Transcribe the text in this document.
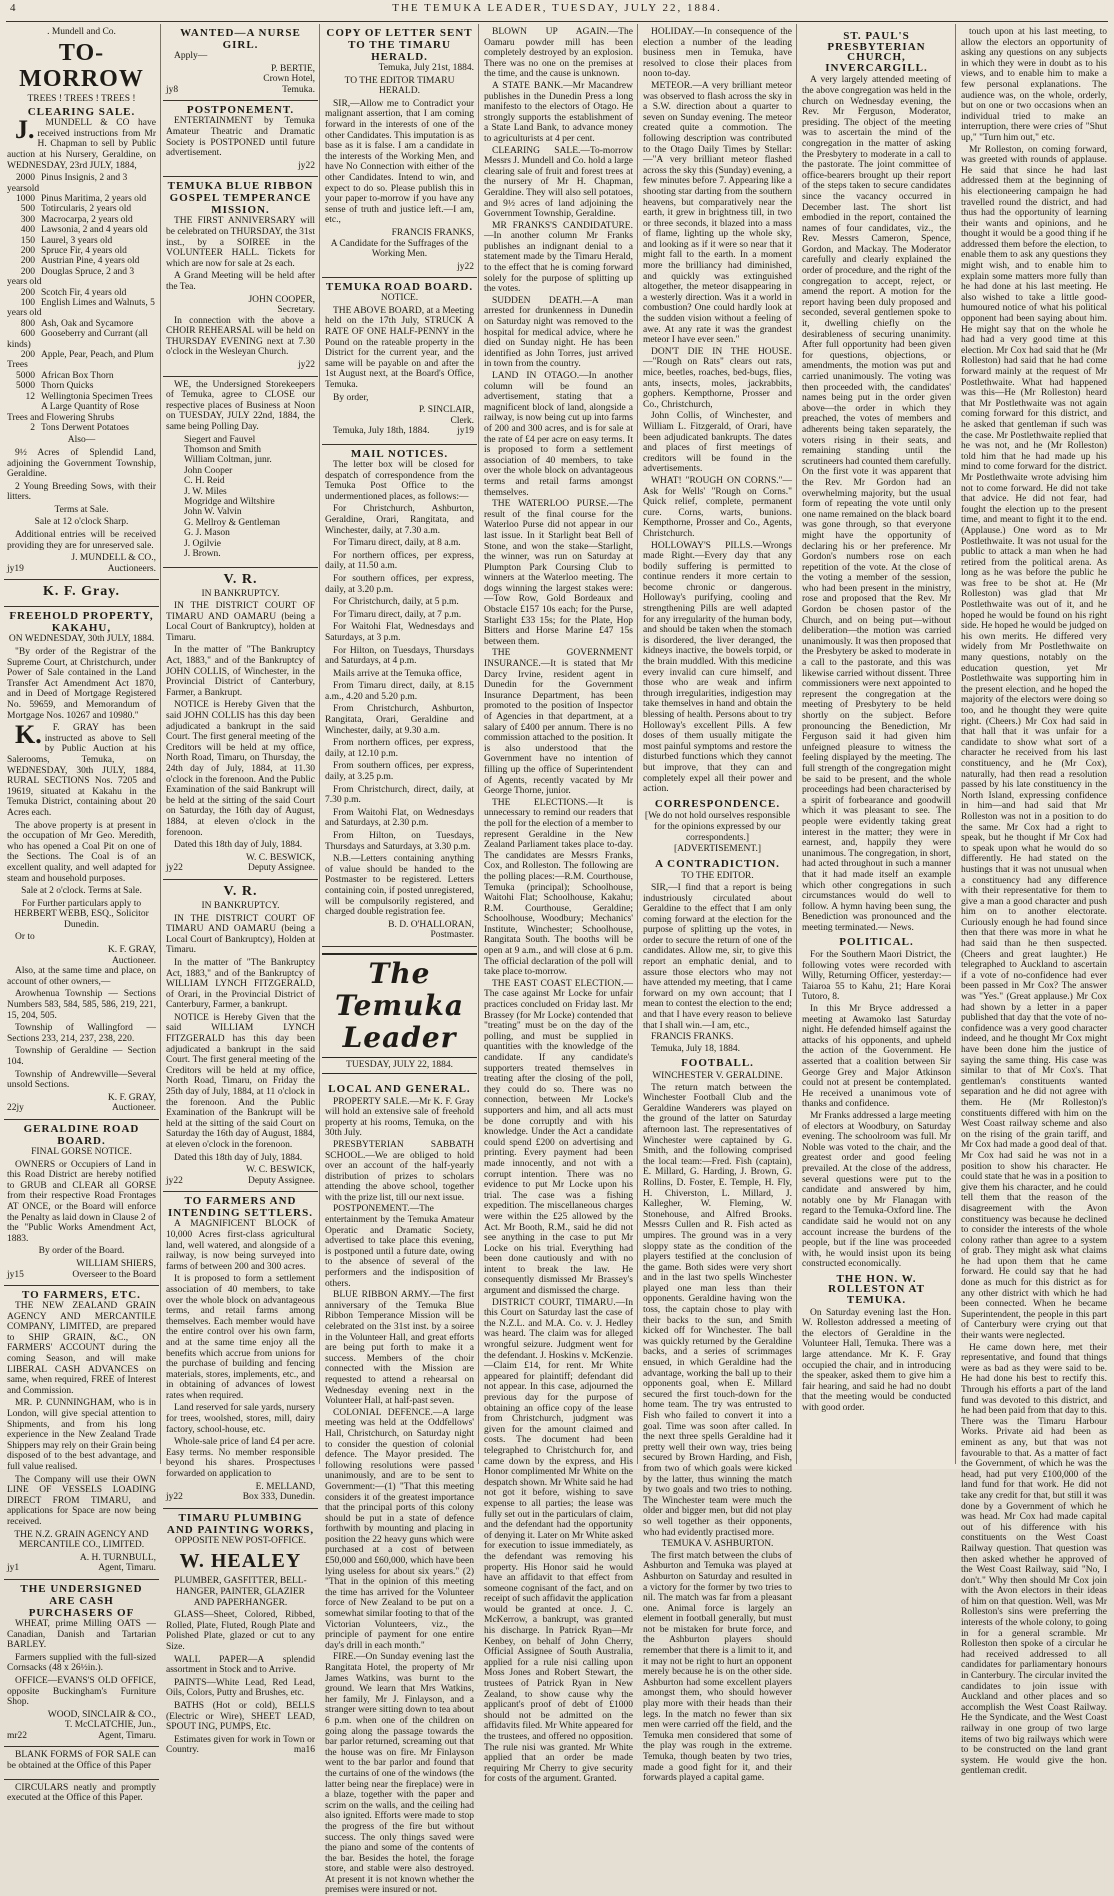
4	THE TEMUKA LEADER, TUESDAY, JULY 22, 1884.

. Mundell and Co.

TO-MORROW

TREES ! TREES ! TREES !

CLEARING SALE.

J. MUNDELL & CO have received instructions from Mr H. Chapman to sell by Public auction at his Nursery, Geraldine, on WEDNESDAY, 23rd JULY, 1884,

2000 Pinus Insignis, 2 and 3 yearsold
1000 Pinus Maritima, 2 years old
500 Totircularis, 2 years old
300 Macrocarpa, 2 years old
400 Lawsonia, 2 and 4 years old
150 Laurel, 3 years old
200 Spruce Fir, 4 years old
200 Austrian Pine, 4 years old
200 Douglas Spruce, 2 and 3 years old
200 Scotch Fir, 4 years old
100 English Limes and Walnuts, 5 years old
800 Ash, Oak and Sycamore
600 Gooseberry and Currant (all kinds)
200 Apple, Pear, Peach, and Plum Trees
5000 African Box Thorn
5000 Thorn Quicks
12 Wellingtonia Specimen Trees
A Large Quantity of Rose Trees and Flowering Shrubs
2 Tons Derwent Potatoes

Also—

9½ Acres of Splendid Land, adjoining the Government Township, Geraldine.

2 Young Breeding Sows, with their litters.

Terms at Sale.

Sale at 12 o'clock Sharp.

Additional entries will be received providing they are for unreserved sale.

J. MUNDELL & CO.,
jy19	Auctioneers.
K. F. Gray.
FREEHOLD PROPERTY, KAKAHU,

ON WEDNESDAY, 30th JULY, 1884.

"By order of the Registrar of the Supreme Court, at Christchurch, under Power of Sale contained in the Land Transfer Act Amendment Act 1870, and in Deed of Mortgage Registered No. 59659, and Memorandum of Mortgage Nos. 10267 and 10980."

K. F. GRAY has been instructed as above to Sell by Public Auction at his Salerooms, Temuka, on WEDNESDAY, 30th JULY, 1884, RURAL SECTIONS Nos. 7205 and 19619, situated at Kakahu in the Temuka District, containing about 20 Acres each.

The above property is at present in the occupation of Mr Geo. Meredith, who has opened a Coal Pit on one of the Sections. The Coal is of an excellent quality, and well adapted for steam and household purposes.

Sale at 2 o'clock. Terms at Sale.

For Further particulars apply to HERBERT WEBB, ESQ., Solicitor Dunedin.

Or to

K. F. GRAY,
Auctioneer.

Also, at the same time and place, on account of other owners,—

Arowhenua Township — Sections Numbers 583, 584, 585, 586, 219, 221, 15, 204, 505.

Township of Wallingford — Sections 233, 214, 237, 238, 220.

Township of Geraldine — Section 104.

Township of Andrewville—Several unsold Sections.

K. F. GRAY,
22jy	Auctioneer.
GERALDINE ROAD BOARD.

FINAL GORSE NOTICE.

OWNERS or Occupiers of Land in this Road District are hereby notified to GRUB and CLEAR all GORSE from their respective Road Frontages AT ONCE, or the Board will enforce the Penalty as laid down in Clause 2 of the "Public Works Amendment Act, 1883.

By order of the Board.

WILLIAM SHIERS,
jy15	Overseer to the Board
TO FARMERS, ETC.

THE NEW ZEALAND GRAIN AGENCY AND MERCANTILE COMPANY, LIMITED, are prepared to SHIP GRAIN, &C., ON FARMERS' ACCOUNT during the coming Season, and will make LIBERAL CASH ADVANCES on same, when required, FREE of Interest and Commission.

MR. P. CUNNINGHAM, who is in London, will give special attention to Shipments, and from his long experience in the New Zealand Trade Shippers may rely on their Grain being disposed of to the best advantage, and full value realised.

The Company will use their OWN LINE OF VESSELS LOADING DIRECT FROM TIMARU, and applications for Space are now being received.

THE N.Z. GRAIN AGENCY AND MERCANTILE CO., LIMITED.

A. H. TURNBULL,
jy1	Agent, Timaru.
THE UNDERSIGNED ARE CASH PURCHASERS OF

WHEAT, prime Milling OATS — Canadian, Danish and Tartarian BARLEY.

Farmers supplied with the full-sized Cornsacks (48 x 26½in.).

OFFICE—EVANS'S OLD OFFICE, opposite Buckingham's Furniture Shop.

WOOD, SINCLAIR & CO.,
T. McCLATCHIE, Jun.,
mr22	Agent, Timaru.

BLANK FORMS of FOR SALE can be obtained at the Office of this Paper

CIRCULARS neatly and promptly executed at the Office of this Paper.

WANTED—A NURSE GIRL.

Apply—

P. BERTIE,
Crown Hotel,
jy8	Temuka.
POSTPONEMENT.

ENTERTAINMENT by Temuka Amateur Theatric and Dramatic Society is POSTPONED until future advertisement.

jy22
TEMUKA BLUE RIBBON GOSPEL TEMPERANCE MISSION.

THE FIRST ANNIVERSARY will be celebrated on THURSDAY, the 31st inst., by a SOIREE in the VOLUNTEER HALL. Tickets for which are now for sale at 2s each.

A Grand Meeting will be held after the Tea.

JOHN COOPER,
Secretary.

In connection with the above a CHOIR REHEARSAL will be held on THURSDAY EVENING next at 7.30 o'clock in the Wesleyan Church.

jy22

WE, the Undersigned Storekeepers of Temuka, agree to CLOSE our respective places of Business at Noon on TUESDAY, JULY 22nd, 1884, the same being Polling Day.

Siegert and Fauvel
Thomson and Smith
William Coltman, junr.
John Cooper
C. H. Reid
J. W. Miles
Mogridge and Wiltshire
John W. Valvin
G. Mellroy & Gentleman
G. J. Mason
J. Ogilvie
J. Brown.
V. R.

IN BANKRUPTCY.

IN THE DISTRICT COURT OF TIMARU AND OAMARU (being a Local Court of Bankruptcy), holden at Timaru.

In the matter of "The Bankruptcy Act, 1883," and of the Bankruptcy of JOHN COLLIS, of Winchester, in the Provincial District of Canterbury, Farmer, a Bankrupt.

NOTICE is Hereby Given that the said JOHN COLLIS has this day been adjudicated a bankrupt in the said Court. The first general meeting of the Creditors will be held at my office, North Road, Timaru, on Thursday, the 24th day of July, 1884, at 11.30 o'clock in the forenoon. And the Public Examination of the said Bankrupt will be held at the sitting of the said Court on Saturday, the 16th day of August, 1884, at eleven o'clock in the forenoon.

Dated this 18th day of July, 1884.

W. C. BESWICK,
jy22	Deputy Assignee.
V. R.

IN BANKRUPTCY.

IN THE DISTRICT COURT OF TIMARU AND OAMARU (being a Local Court of Bankruptcy), Holden at Timaru.

In the matter of "The Bankruptcy Act, 1883," and of the Bankruptcy of WILLIAM LYNCH FITZGERALD, of Orari, in the Provincial District of Canterbury, Farmer, a bankrupt.

NOTICE is Hereby Given that the said WILLIAM LYNCH FITZGERALD has this day been adjudicated a bankrupt in the said Court. The first general meeting of the Creditors will be held at my office, North Road, Timaru, on Friday the 25th day of July, 1884, at 11 o'clock in the forenoon. And the Public Examination of the Bankrupt will be held at the sitting of the said Court on Saturday the 16th day of August, 1884, at eleven o'clock in the forenoon.

Dated this 18th day of July, 1884.

W. C. BESWICK,
jy22	Deputy Assignee.
TO FARMERS AND INTENDING SETTLERS.

A MAGNIFICENT BLOCK of 10,000 Acres first-class agricultural land, well watered, and alongside of a railway, is now being surveyed into farms of between 200 and 300 acres.

It is proposed to form a settlement association of 40 members, to take over the whole block on advantageous terms, and retail farms among themselves. Each member would have the entire control over his own farm, and at the same time enjoy all the benefits which accrue from unions for the purchase of building and fencing materials, stores, implements, etc., and in obtaining of advances of lowest rates when required.

Land reserved for sale yards, nursery for trees, woolshed, stores, mill, dairy factory, school-house, etc.

Whole-sale price of land £4 per acre. Easy terms. No member responsible beyond his shares. Prospectuses forwarded on application to

E. MELLAND,
jy22	Box 333, Dunedin.
TIMARU PLUMBING AND PAINTING WORKS,

OPPOSITE NEW POST-OFFICE.

W. HEALEY

PLUMBER, GASFITTER, BELL-HANGER, PAINTER, GLAZIER AND PAPERHANGER.

GLASS—Sheet, Colored, Ribbed, Rolled, Plate, Fluted, Rough Plate and Polished Plate, glazed or cut to any Size.

WALL PAPER—A splendid assortment in Stock and to Arrive.

PAINTS—White Lead, Red Lead, Oils, Colors, Putty and Brushes, etc.

BATHS (Hot or cold), BELLS (Electric or Wire), SHEET LEAD, SPOUT ING, PUMPS, Etc.

Estimates given for work in Town or Country.	ma16

COPY OF LETTER SENT TO THE TIMARU HERALD.

Temuka, July 21st, 1884.

TO THE EDITOR TIMARU HERALD.

SIR,—Allow me to Contradict your malignant assertion, that I am coming forward in the interests of one of the other Candidates. This imputation is as base as it is false. I am a candidate in the interests of the Working Men, and have No Connection with either of the other Candidates. Intend to win, and expect to do so. Please publish this in your paper to-morrow if you have any sense of truth and justice left.—I am, etc.,

FRANCIS FRANKS,

A Candidate for the Suffrages of the Working Men.

jy22
TEMUKA ROAD BOARD.

NOTICE.

THE ABOVE BOARD, at a Meeting held on the 17th July, STRUCK A RATE OF ONE HALF-PENNY in the Pound on the rateable property in the District for the current year, and the same will be payable on and after the 1st August next, at the Board's Office, Temuka.

By order,

P. SINCLAIR,
Clerk.

Temuka, July 18th, 1884.	jy19

MAIL NOTICES.

The letter box will be closed for despatch of correspondence from the Temuka Post Office to the undermentioned places, as follows:—

For Christchurch, Ashburton, Geraldine, Orari, Rangitata, and Winchester, daily, at 7.30 a.m.

For Timaru direct, daily, at 8 a.m.

For northern offices, per express, daily, at 11.50 a.m.

For southern offices, per express, daily, at 3.20 p.m.

For Christchurch, daily, at 5 p.m.

For Timaru direct, daily, at 7 p.m.

For Waitohi Flat, Wednesdays and Saturdays, at 3 p.m.

For Hilton, on Tuesdays, Thursdays and Saturdays, at 4 p.m.

Mails arrive at the Temuka office,

From Timaru direct, daily, at 8.15 a.m., 4.20 and 5.20 p.m.

From Christchurch, Ashburton, Rangitata, Orari, Geraldine and Winchester, daily, at 9.30 a.m.

From northern offices, per express, daily, at 12.10 p.m.

From southern offices, per express, daily, at 3.25 p.m.

From Christchurch, direct, daily, at 7.30 p.m.

From Waitohi Flat, on Wednesdays and Saturdays, at 2.30 p.m.

From Hilton, on Tuesdays, Thursdays and Saturdays, at 3.30 p.m.

N.B.—Letters containing anything of value should be handed to the Postmaster to be registered. Letters containing coin, if posted unregistered, will be compulsorily registered, and charged double registration fee.

B. D. O'HALLORAN,
Postmaster.
The Temuka Leader
TUESDAY, JULY 22, 1884.

LOCAL AND GENERAL.

PROPERTY SALE.—Mr K. F. Gray will hold an extensive sale of freehold property at his rooms, Temuka, on the 30th July.

PRESBYTERIAN SABBATH SCHOOL.—We are obliged to hold over an account of the half-yearly distribution of prizes to scholars attending the above school, together with the prize list, till our next issue.

POSTPONEMENT.—The entertainment by the Temuka Amateur Operatic and Dramatic Society, advertised to take place this evening, is postponed until a future date, owing to the absence of several of the performers and the indisposition of others.

BLUE RIBBON ARMY.—The first anniversary of the Temuka Blue Ribbon Temperance Mission will be celebrated on the 31st inst. by a soiree in the Volunteer Hall, and great efforts are being put forth to make it a success. Members of the choir connected with the Mission are requested to attend a rehearsal on Wednesday evening next in the Volunteer Hall, at half-past seven.

COLONIAL DEFENCE.—A large meeting was held at the Oddfellows' Hall, Christchurch, on Saturday night to consider the question of colonial defence. The Mayor presided. The following resolutions were passed unanimously, and are to be sent to Government:—(1) "That this meeting considers it of the greatest importance that the principal ports of this colony should be put in a state of defence forthwith by mounting and placing in position the 22 heavy guns which were purchased at a cost of between £50,000 and £60,000, which have been lying useless for about six years." (2) "That in the opinion of this meeting the time has arrived for the Volunteer force of New Zealand to be put on a somewhat similar footing to that of the Victorian Volunteers, viz., the principle of payment for one entire day's drill in each month."

FIRE.—On Sunday evening last the Rangitata Hotel, the property of Mr James Watkins, was burnt to the ground. We learn that Mrs Watkins, her family, Mr J. Finlayson, and a stranger were sitting down to tea about 6 p.m. when one of the children on going along the passage towards the bar parlor returned, screaming out that the house was on fire. Mr Finlayson went to the bar parlor and found that the curtains of one of the windows (the latter being near the fireplace) were in a blaze, together with the paper and scrim on the walls, and the ceiling had also ignited. Efforts were made to stop the progress of the fire but without success. The only things saved were the piano and some of the contents of the bar. Besides the hotel, the forage store, and stable were also destroyed. At present it is not known whether the premises were insured or not.

BLOWN UP AGAIN.—The Oamaru powder mill has been completely destroyed by an explosion. There was no one on the premises at the time, and the cause is unknown.

A STATE BANK.—Mr Macandrew publishes in the Dunedin Press a long manifesto to the electors of Otago. He strongly supports the establishment of a State Land Bank, to advance money to agriculturists at 4 per cent.

CLEARING SALE.—To-morrow Messrs J. Mundell and Co. hold a large clearing sale of fruit and forest trees at the nursery of Mr H. Chapman, Geraldine. They will also sell potatoes, and 9½ acres of land adjoining the Government Township, Geraldine.

MR FRANKS'S CANDIDATURE.—In another column Mr Franks publishes an indignant denial to a statement made by the Timaru Herald, to the effect that he is coming forward solely for the purpose of splitting up the votes.

SUDDEN DEATH.—A man arrested for drunkenness in Dunedin on Saturday night was removed to the hospital for medical advice, where he died on Sunday night. He has been identified as John Torres, just arrived in town from the country.

LAND IN OTAGO.—In another column will be found an advertisement, stating that a magnificent block of land, alongside a railway, is now being cut up into farms of 200 and 300 acres, and is for sale at the rate of £4 per acre on easy terms. It is proposed to form a settlement association of 40 members, to take over the whole block on advantageous terms and retail farms amongst themselves.

THE WATERLOO PURSE.—The result of the final course for the Waterloo Purse did not appear in our last issue. In it Starlight beat Bell of Stone, and won the stake—Starlight, the winner, was run on Saturday at Plumpton Park Coursing Club to winners at the Waterloo meeting. The dogs winning the largest stakes were:—Tow Row, Gold Bordeaux and Obstacle £157 10s each; for the Purse, Starlight £33 15s; for the Plate, Hop Bitters and Horse Marine £47 15s between them.

THE GOVERNMENT INSURANCE.—It is stated that Mr Darcy Irvine, resident agent in Dunedin for the Government Insurance Department, has been promoted to the position of Inspector of Agencies in that department, at a salary of £400 per annum. There is no commission attached to the position. It is also understood that the Government have no intention of filling up the office of Superintendent of Agents, recently vacated by Mr George Thorne, junior.

THE ELECTIONS.—It is unnecessary to remind our readers that the poll for the election of a member to represent Geraldine in the New Zealand Parliament takes place to-day. The candidates are Messrs Franks, Cox, and Rolleston. The following are the polling places:—R.M. Courthouse, Temuka (principal); Schoolhouse, Waitohi Flat; Schoolhouse, Kakahu; R.M. Courthouse, Geraldine; Schoolhouse, Woodbury; Mechanics' Institute, Winchester; Schoolhouse, Rangitata South. The booths will be open at 9 a.m., and will close at 6 p.m. The official declaration of the poll will take place to-morrow.

THE EAST COAST ELECTION.—The case against Mr Locke for unfair practices concluded on Friday last. Mr Brassey (for Mr Locke) contended that "treating" must be on the day of the polling, and must be supplied in quantities with the knowledge of the candidate. If any candidate's supporters treated themselves in treating after the closing of the poll, they could do so. There was no connection, between Mr Locke's supporters and him, and all acts must be done corruptly and with his knowledge. Under the Act a candidate could spend £200 on advertising and printing. Every payment had been made innocently, and not with a corrupt intention. There was no evidence to put Mr Locke upon his trial. The case was a fishing expedition. The miscellaneous charges were within the £25 allowed by the Act. Mr Booth, R.M., said he did not see anything in the case to put Mr Locke on his trial. Everything had been done cautiously and with no intent to break the law. He consequently dismissed Mr Brassey's argument and dismissed the charge.

DISTRICT COURT, TIMARU.—In this Court on Saturday last the case of the N.Z.L. and M.A. Co. v. J. Hedley was heard. The claim was for alleged wrongful seizure. Judgment went for the defendant. J. Hoskins v. McKenzie.—Claim £14, for rent. Mr White appeared for plaintiff; defendant did not appear. In this case, adjourned the previous day for the purpose of obtaining an office copy of the lease from Christchurch, judgment was given for the amount claimed and costs. The document had been telegraphed to Christchurch for, and came down by the express, and His Honor complimented Mr White on the despatch shown. Mr White said he had not got it before, wishing to save expense to all parties; the lease was fully set out in the particulars of claim, and the defendant had the opportunity of denying it. Later on Mr White asked for execution to issue immediately, as the defendant was removing his property. His Honor said he would have an affidavit to that effect from someone cognisant of the fact, and on receipt of such affidavit the application would be granted at once. J. C. McKerrow, a bankrupt, was granted his discharge. In Patrick Ryan—Mr Kenbey, on behalf of John Cherry, Official Assignee of South Australia, applied for a rule nisi calling upon Moss Jones and Robert Stewart, the trustees of Patrick Ryan in New Zealand, to show cause why the applicant's proof of debt of £1000 should not be admitted on the affidavits filed. Mr White appeared for the trustees, and offered no opposition. The rule nisi was granted. Mr White applied that an order be made requiring Mr Cherry to give security for costs of the argument. Granted.

HOLIDAY.—In consequence of the election a number of the leading business men in Temuka, have resolved to close their places from noon to-day.

METEOR.—A very brilliant meteor was observed to flash across the sky in a S.W. direction about a quarter to seven on Sunday evening. The meteor created quite a commotion. The following description was contributed to the Otago Daily Times by Stellar:—"A very brilliant meteor flashed across the sky this (Sunday) evening, a few minutes before 7. Appearing like a shooting star darting from the southern heavens, but comparatively near the earth, it grew in brightness till, in two or three seconds, it blazed into a mass of flame, lighting up the whole sky, and looking as if it were so near that it might fall to the earth. In a moment more the brilliancy had diminished, and quickly was extinguished altogether, the meteor disappearing in a westerly direction. Was it a world in combustion? One could hardly look at the sudden vision without a feeling of awe. At any rate it was the grandest meteor I have ever seen."

DON'T DIE IN THE HOUSE.—"Rough on Rats" clears out rats, mice, beetles, roaches, bed-bugs, flies, ants, insects, moles, jackrabbits, gophers. Kempthorne, Prosser and Co., Christchurch,

John Collis, of Winchester, and William L. Fitzgerald, of Orari, have been adjudicated bankrupts. The dates and places of first meetings of creditors will be found in the advertisements.

WHAT! "ROUGH ON CORNS."—Ask for Wells' "Rough on Corns." Quick relief, complete, permanent cure. Corns, warts, bunions. Kempthorne, Prosser and Co., Agents, Christchurch.

HOLLOWAY'S PILLS.—Wrongs made Right.—Every day that any bodily suffering is permitted to continue renders it more certain to become chronic or dangerous. Holloway's purifying, cooling and strengthening Pills are well adapted for any irregularity of the human body, and should be taken when the stomach is disordered, the liver deranged, the kidneys inactive, the bowels torpid, or the brain muddled. With this medicine every invalid can cure himself, and those who are weak and infirm through irregularities, indigestion may take themselves in hand and obtain the blessing of health. Persons about to try Holloway's excellent Pills. A few doses of them usually mitigate the most painful symptoms and restore the disturbed functions which they cannot but improve, that they can and completely expel all their power and action.

CORRESPONDENCE.

[We do not hold ourselves responsible for the opinions expressed by our correspondents.]

[ADVERTISEMENT.]

A CONTRADICTION.

TO THE EDITOR.

SIR,—I find that a report is being industriously circulated about Geraldine to the effect that I am only coming forward at the election for the purpose of splitting up the votes, in order to secure the return of one of the candidates. Allow me, sir, to give this report an emphatic denial, and to assure those electors who may not have attended my meeting, that I came forward on my own account; that I mean to contest the election to the end; and that I have every reason to believe that I shall win.—I am, etc.,

FRANCIS FRANKS.

Temuka, July 18, 1884.

FOOTBALL.

WINCHESTER V. GERALDINE.

The return match between the Winchester Football Club and the Geraldine Wanderers was played on the ground of the latter on Saturday afternoon last. The representatives of Winchester were captained by G. Smith, and the following comprised the local team:—Fred. Fish (captain), E. Millard, G. Harding, J. Brown, G. Rollins, D. Foster, E. Temple, H. Fly, H. Chiverston, L. Millard, J. Kallegher, W. Fleming, W. Stonehouse, and Alfred Brooks. Messrs Cullen and R. Fish acted as umpires. The ground was in a very sloppy state as the condition of the players testified at the conclusion of the game. Both sides were very short and in the last two spells Winchester played one man less than their opponents. Geraldine having won the toss, the captain chose to play with their backs to the sun, and Smith kicked off for Winchester. The ball was quickly returned by the Geraldine backs, and a series of scrimmages ensued, in which Geraldine had the advantage, working the ball up to their opponents goal, when E. Millard secured the first touch-down for the home team. The try was entrusted to Fish who failed to convert it into a goal. Time was soon after called. In the next three spells Geraldine had it pretty well their own way, tries being secured by Brown Harding, and Fish, from two of which goals were kicked by the latter, thus winning the match by two goals and two tries to nothing. The Winchester team were much the older and bigger men, but did not play so well together as their opponents, who had evidently practised more.

TEMUKA V. ASHBURTON.

The first match between the clubs of Ashburton and Temuka was played at Ashburton on Saturday and resulted in a victory for the former by two tries to nil. The match was far from a pleasant one. Animal force is largely an element in football generally, but must not be mistaken for brute force, and the Ashburton players should remember that there is a limit to it, and it may not be right to hurt an opponent merely because he is on the other side. Ashburton had some excellent players amongst them, who should however play more with their heads than their legs. In the match no fewer than six men were carried off the field, and the Temuka men considered that some of the play was rough in the extreme. Temuka, though beaten by two tries, made a good fight for it, and their forwards played a capital game.

ST. PAUL'S PRESBYTERIAN CHURCH, INVERCARGILL.

A very largely attended meeting of the above congregation was held in the church on Wednesday evening, the Rev. Mr Ferguson, Moderator, presiding. The object of the meeting was to ascertain the mind of the congregation in the matter of asking the Presbytery to moderate in a call to the pastorate. The joint committee of office-bearers brought up their report of the steps taken to secure candidates since the vacancy occurred in December last. The short list embodied in the report, contained the names of four candidates, viz., the Rev. Messrs Cameron, Spence, Gordon, and Mackay. The Moderator carefully and clearly explained the order of procedure, and the right of the congregation to accept, reject, or amend the report. A motion for the report having been duly proposed and seconded, several gentlemen spoke to it, dwelling chiefly on the desirableness of securing unanimity. After full opportunity had been given for questions, objections, or amendments, the motion was put and carried unanimously. The voting was then proceeded with, the candidates' names being put in the order given above—the order in which they preached, the votes of members and adherents being taken separately, the voters rising in their seats, and remaining standing until the scrutineers had counted them carefully. On the first vote it was apparent that the Rev. Mr Gordon had an overwhelming majority, but the usual form of repeating the vote until only one name remained on the black board was gone through, so that everyone might have the opportunity of declaring his or her preference. Mr Gordon's numbers rose on each repetition of the vote. At the close of the voting a member of the session, who had been present in the ministry, rose and proposed that the Rev. Mr Gordon be chosen pastor of the Church, and on being put—without deliberation—the motion was carried unanimously. It was then proposed that the Presbytery be asked to moderate in a call to the pastorate, and this was likewise carried without dissent. Three commissioners were next appointed to represent the congregation at the meeting of Presbytery to be held shortly on the subject. Before pronouncing the Benediction, Mr Ferguson said it had given him unfeigned pleasure to witness the feeling displayed by the meeting. The full strength of the congregation might be said to be present, and the whole proceedings had been characterised by a spirit of forbearance and goodwill which it was pleasant to see. The people were evidently taking great interest in the matter; they were in earnest, and, happily they were unanimous. The congregation, in short, had acted throughout in such a manner that it had made itself an example which other congregations in such circumstances would do well to follow. A hymn having been sung, the Benediction was pronounced and the meeting terminated.— News.

POLITICAL.

For the Southern Maori District, the following votes were recorded with Willy, Returning Officer, yesterday:—Taiaroa 55 to Kahu, 21; Hare Korai Tutoro, 8.

In this Mr Bryce addressed a meeting at Awamoko last Saturday night. He defended himself against the attacks of his opponents, and upheld the action of the Government. He asserted that a coalition between Sir George Grey and Major Atkinson could not at present be contemplated. He received a unanimous vote of thanks and confidence.

Mr Franks addressed a large meeting of electors at Woodbury, on Saturday evening. The schoolroom was full. Mr Noble was voted to the chair, and the greatest order and good feeling prevailed. At the close of the address, several questions were put to the candidate and answered by him, notably one by Mr Flanagan with regard to the Temuka-Oxford line. The candidate said he would not on any account increase the burdens of the people, but if the line was proceeded with, he would insist upon its being constructed economically.

THE HON. W. ROLLESTON AT TEMUKA.

On Saturday evening last the Hon. W. Rolleston addressed a meeting of the electors of Geraldine in the Volunteer Hall, Temuka. There was a large attendance. Mr K. F. Gray occupied the chair, and in introducing the speaker, asked them to give him a fair hearing, and said he had no doubt that the meeting would be conducted with good order.

touch upon at his last meeting, to allow the electors an opportunity of asking any questions on any subjects in which they were in doubt as to his views, and to enable him to make a few personal explanations. The audience was, on the whole, orderly, but on one or two occasions when an individual tried to make an interruption, there were cries of "Shut up," "Turn him out," etc.

Mr Rolleston, on coming forward, was greeted with rounds of applause. He said that since he had last addressed them at the beginning of his electioneering campaign he had travelled round the district, and had thus had the opportunity of learning their wants and opinions, and he thought it would be a good thing if he addressed them before the election, to enable them to ask any questions they might wish, and to enable him to explain some matters more fully than he had done at his last meeting. He also wished to take a little good-humoured notice of what his political opponent had been saying about him. He might say that on the whole he had had a very good time at this election. Mr Cox had said that he (Mr Rolleston) had said that he had come forward mainly at the request of Mr Postlethwaite. What had happened was this—He (Mr Rolleston) heard that Mr Postlethwaite was not again coming forward for this district, and he asked that gentleman if such was the case. Mr Postlethwaite replied that he was not, and he (Mr Rolleston) told him that he had made up his mind to come forward for the district. Mr Postlethwaite wrote advising him not to come forward. He did not take that advice. He did not fear, had fought the election up to the present time, and meant to fight it to the end. (Applause.) One word as to Mr Postlethwaite. It was not usual for the public to attack a man when he had retired from the political arena. As long as he was before the public he was free to be shot at. He (Mr Rolleston) was glad that Mr Postlethwaite was out of it, and he hoped he would be found on his right side. He hoped he would be judged on his own merits. He differed very widely from Mr Postlethwaite on many questions, notably on the education question, yet Mr Postlethwaite was supporting him in the present election, and he hoped the majority of the electors were doing so too, and he thought they were quite right. (Cheers.) Mr Cox had said in that hall that it was unfair for a candidate to show what sort of a character he received from his last constituency, and he (Mr Cox), naturally, had then read a resolution passed by his late constituency in the North Island, expressing confidence in him—and had said that Mr Rolleston was not in a position to do the same. Mr Cox had a right to speak, but he thought if Mr Cox had to speak upon what he would do so differently. He had stated on the hustings that it was not unusual when a constituency had any difference with their representative for them to give a man a good character and push him on to another electorate. Curiously enough he had found since then that there was more in what he had said than he then suspected. (Cheers and great laughter.) He telegraphed to Auckland to ascertain if a vote of no-confidence had ever been passed in Mr Cox? The answer was "Yes." (Great applause.) Mr Cox had shown by a letter in a paper published that day that the vote of no-confidence was a very good character indeed, and he thought Mr Cox might have been done him the justice of saying the same thing. His case was similar to that of Mr Cox's. That gentleman's constituents wanted separation and he did not agree with them. He (Mr Rolleston)'s constituents differed with him on the West Coast railway scheme and also on the rising of the grain tariff, and Mr Cox had made a good deal of that. Mr Cox had said he was not in a position to show his character. He could state that he was in a position to give them his character, and he could tell them that the reason of the disagreement with the Avon constituency was because he declined to consider the interests of the whole colony rather than agree to a system of grab. They might ask what claims he had upon them that he came forward. He could say that he had done as much for this district as for any other district with which he had been connected. When he became Superintendent, the people in this part of Canterbury were crying out that their wants were neglected.

He came down here, met their representative, and found that things were as bad as they were said to be. He had done his best to rectify this. Through his efforts a part of the land fund was devoted to this district, and he had been paid from that day to this. There was the Timaru Harbour Works. Private aid had been as eminent as any, but that was not favourable to that. As a matter of fact the Government, of which he was the head, had put very £100,000 of the land fund for that work. He did not take any credit for that, but still it was done by a Government of which he was head. Mr Cox had made capital out of his difference with his constituents on the West Coast Railway question. That question was then asked whether he approved of the West Coast Railway, said "No, I don't." Why then should Mr Cox join with the Avon electors in their ideas of him on that question. Well, was Mr Rolleston's sins were preferring the interests of the whole colony, to going in for a general scramble. Mr Rolleston then spoke of a circular he had received addressed to all candidates for parliamentary honours in Canterbury. The circular invited the candidates to join issue with Auckland and other places and so accomplish the West Coast Railway. He the Syndicate, and the West Coast railway in one group of two large items of two big railways which were to be constructed on the land grant system. He would give the hon. gentleman credit.
